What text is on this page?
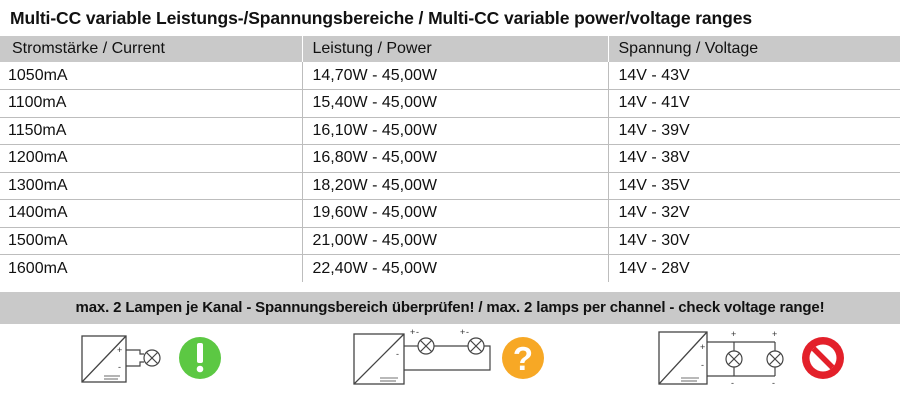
Multi-CC variable Leistungs-/Spannungsbereiche / Multi-CC variable power/voltage ranges
Stromstärke / Current	Leistung / Power	Spannung / Voltage
1050mA	14,70W - 45,00W	14V - 43V
1100mA	15,40W - 45,00W	14V - 41V
1150mA	16,10W - 45,00W	14V - 39V
1200mA	16,80W - 45,00W	14V - 38V
1300mA	18,20W - 45,00W	14V - 35V
1400mA	19,60W - 45,00W	14V - 32V
1500mA	21,00W - 45,00W	14V - 30V
1600mA	22,40W - 45,00W	14V - 28V
max. 2 Lampen je Kanal - Spannungsbereich überprüfen! / max. 2 lamps per channel - check voltage range!
+
-
+ -	+ -
-	?	+
-
+
-
+
-
